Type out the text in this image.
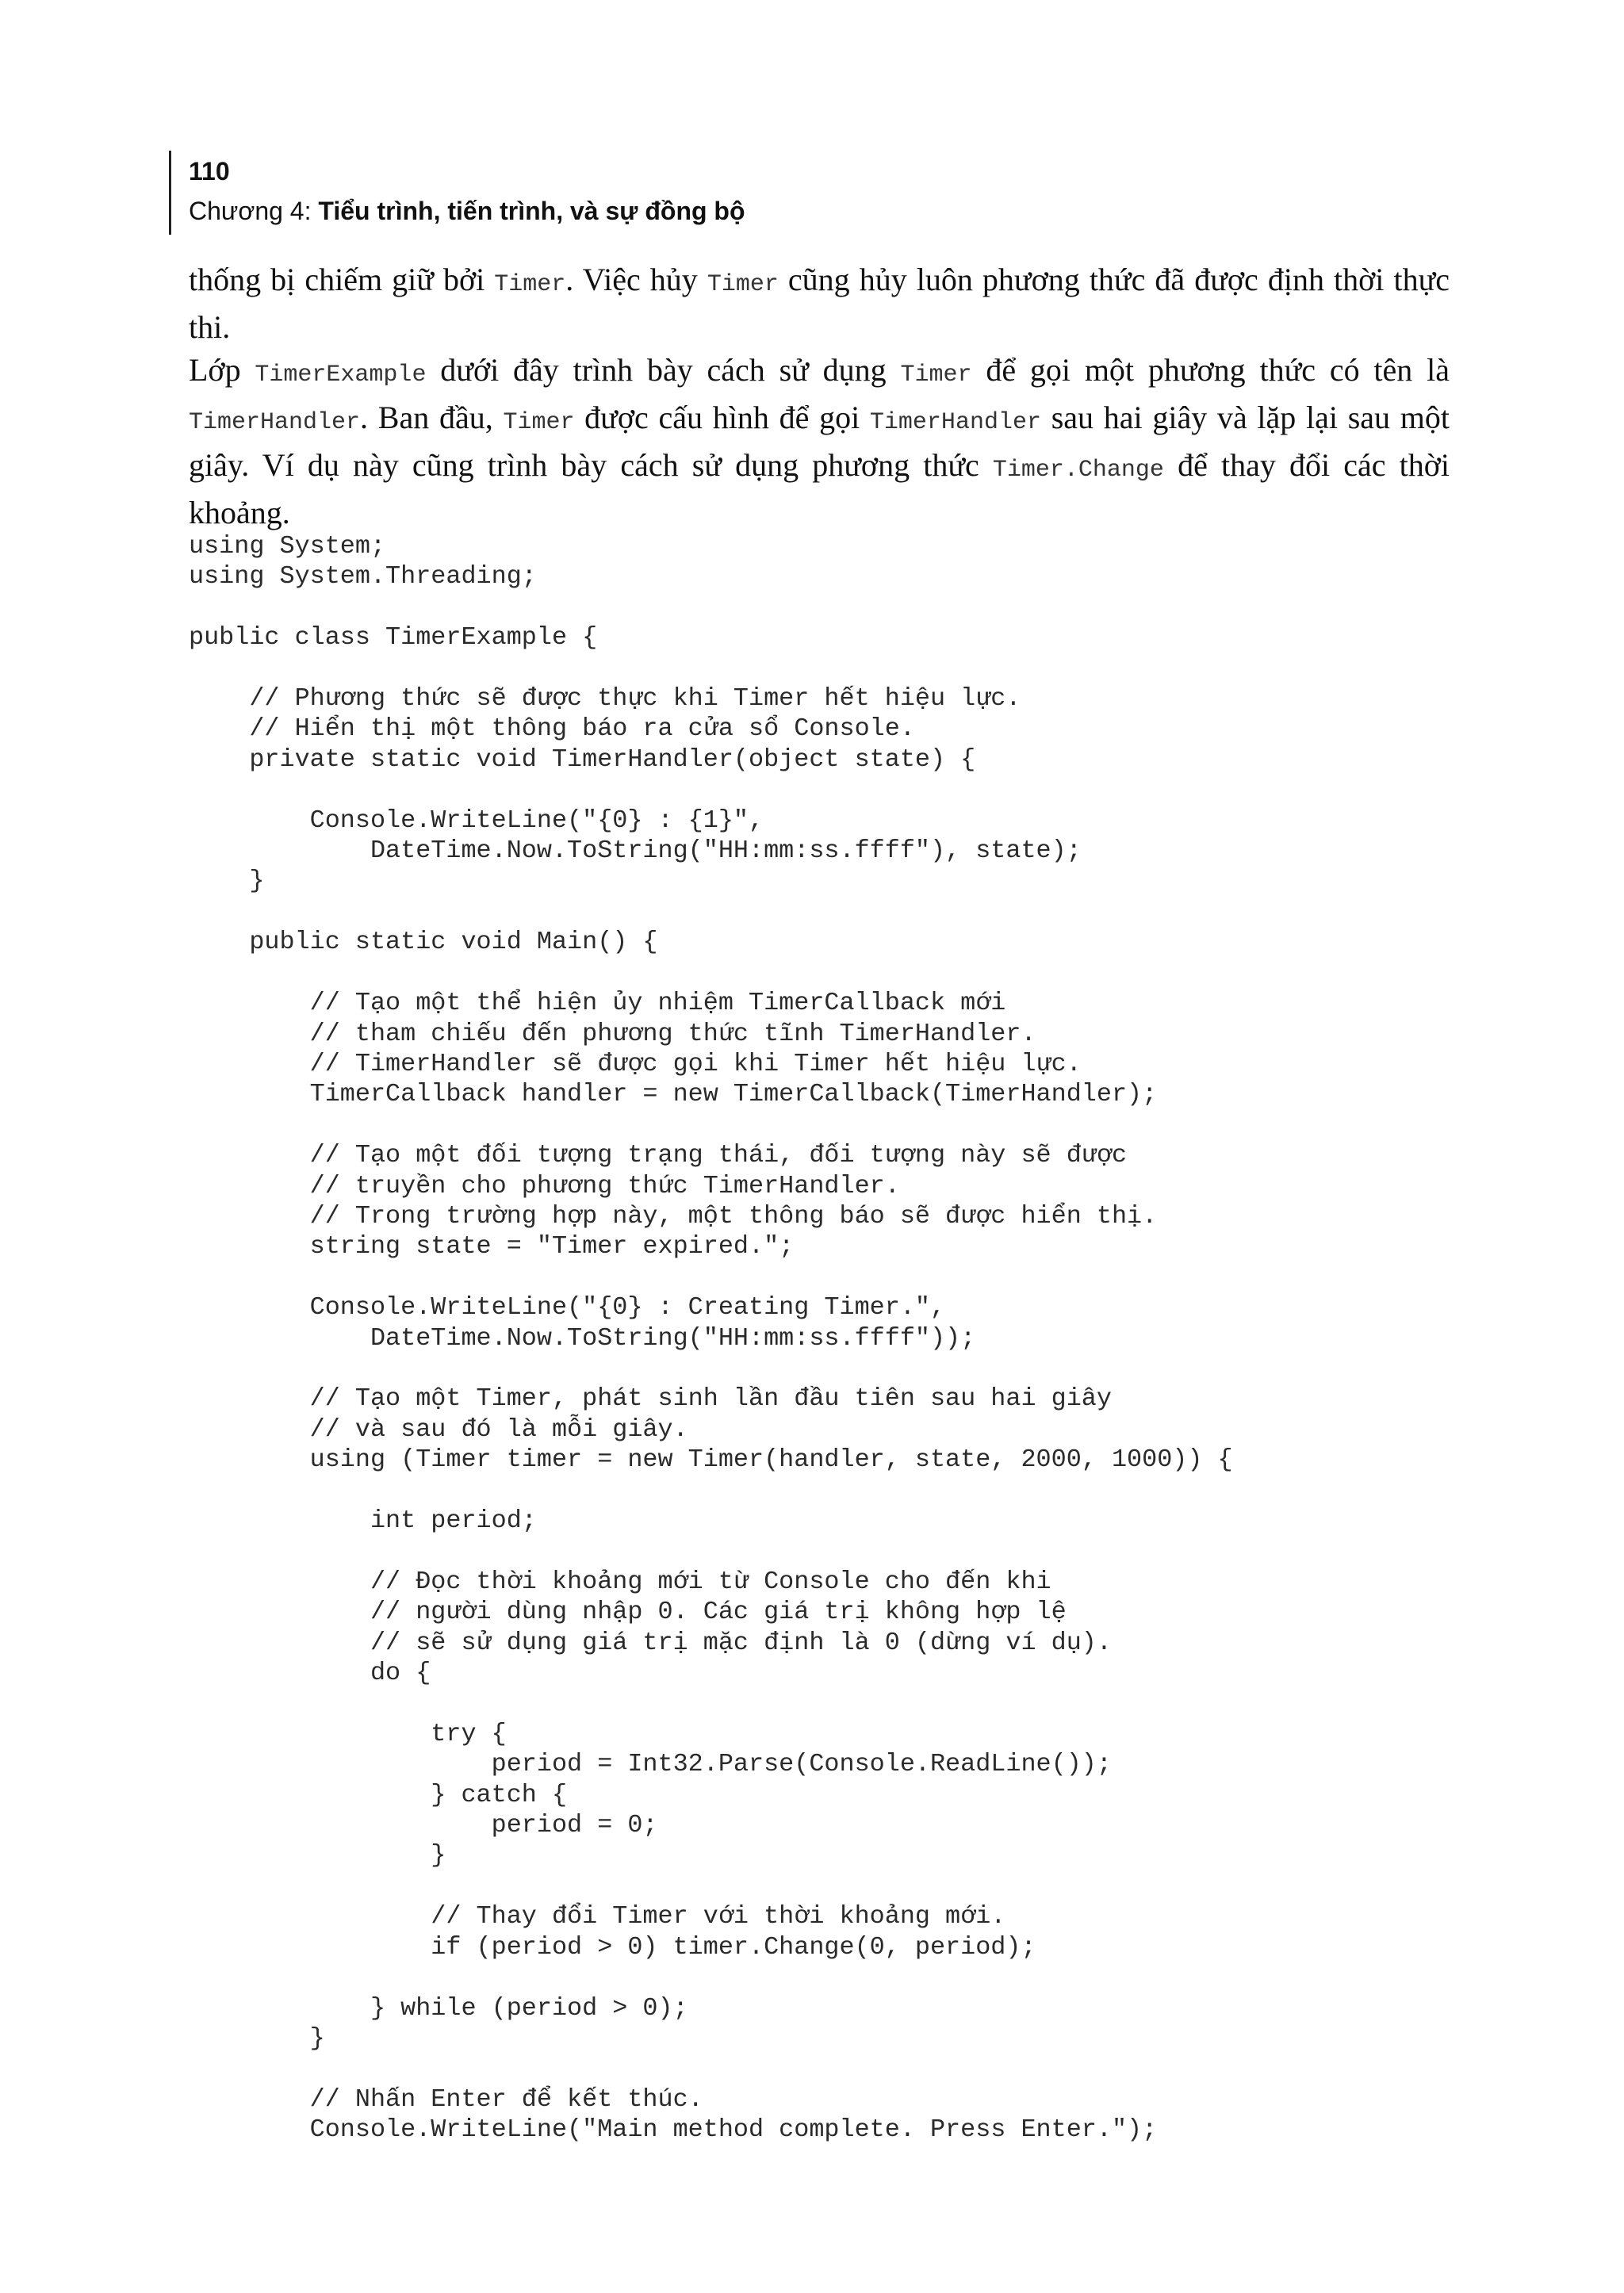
110
Chương 4: Tiểu trình, tiến trình, và sự đồng bộ
thống bị chiếm giữ bởi Timer. Việc hủy Timer cũng hủy luôn phương thức đã được định thời thực thi.
Lớp TimerExample dưới đây trình bày cách sử dụng Timer để gọi một phương thức có tên là TimerHandler. Ban đầu, Timer được cấu hình để gọi TimerHandler sau hai giây và lặp lại sau một giây. Ví dụ này cũng trình bày cách sử dụng phương thức Timer.Change để thay đổi các thời khoảng.
using System;
using System.Threading;

public class TimerExample {

// Phương thức sẽ được thực khi Timer hết hiệu lực.
// Hiển thị một thông báo ra cửa sổ Console.
private static void TimerHandler(object state) {

Console.WriteLine("{0} : {1}",
DateTime.Now.ToString("HH:mm:ss.ffff"), state);
}

public static void Main() {

// Tạo một thể hiện ủy nhiệm TimerCallback mới
// tham chiếu đến phương thức tĩnh TimerHandler.
// TimerHandler sẽ được gọi khi Timer hết hiệu lực.
TimerCallback handler = new TimerCallback(TimerHandler);

// Tạo một đối tượng trạng thái, đối tượng này sẽ được
// truyền cho phương thức TimerHandler.
// Trong trường hợp này, một thông báo sẽ được hiển thị.
string state = "Timer expired.";

Console.WriteLine("{0} : Creating Timer.",
DateTime.Now.ToString("HH:mm:ss.ffff"));

// Tạo một Timer, phát sinh lần đầu tiên sau hai giây
// và sau đó là mỗi giây.
using (Timer timer = new Timer(handler, state, 2000, 1000)) {

int period;

// Đọc thời khoảng mới từ Console cho đến khi
// người dùng nhập 0. Các giá trị không hợp lệ
// sẽ sử dụng giá trị mặc định là 0 (dừng ví dụ).
do {

try {
period = Int32.Parse(Console.ReadLine());
} catch {
period = 0;
}

// Thay đổi Timer với thời khoảng mới.
if (period > 0) timer.Change(0, period);

} while (period > 0);
}

// Nhấn Enter để kết thúc.
Console.WriteLine("Main method complete. Press Enter.");
